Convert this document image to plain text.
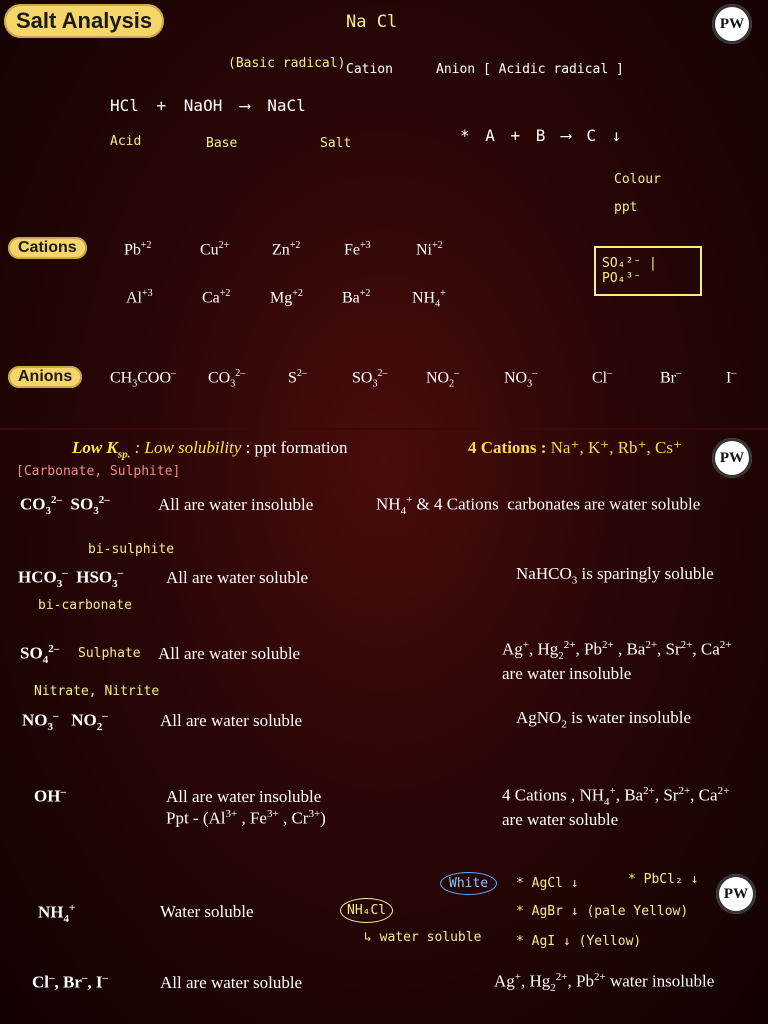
Salt Analysis	PW
Na Cl
(Basic radical) Cation	Anion [ Acidic radical ]
HCl + NaOH ⟶ NaCl
Acid	Base	Salt	* A + B ⟶ C ↓
Colour
ppt
SO₄²⁻ | PO₄³⁻
Cations	$Pb^{+2}$	$Cu^{2+}$	$Zn^{+2}$	$Fe^{+3}$	$Ni^{+2}$
$Al^{+3}$	$Ca^{+2}$ $Mg^{+2}$ $Ba^{+2}$	$NH_4^+$
Anions	$CH_3COO^-$ $CO_3^{2-}$	$S^{2-}$	$SO_3^{2-}$ $NO_2^-$	$NO_3^-$	Cl–	Br–	I–
Low $K_{sp.}$ : Low solubility : ppt formation	4 Cations : Na⁺, K⁺, Rb⁺, Cs⁺
PW
[Carbonate, Sulphite]
$CO_3^{2-}$  $SO_3^{2-}$	All are water insoluble	$NH_4^+$ & 4 Cations  carbonates are water soluble
bi-sulphite
$HCO_3^-$  $HSO_3^-$	All are water soluble	NaHCO$_3$ is sparingly soluble
bi-carbonate
$SO_4^{2-}$ Sulphate All are water soluble	Ag+, $Hg_2^{2+}$, $Pb^{2+}$ , $Ba^{2+}$, $Sr^{2+}$, $Ca^{2+}$
are water insoluble
Nitrate, Nitrite
$NO_3^-$   $NO_2^-$	All are water soluble	AgNO$_2$ is water insoluble
OH–	All are water insoluble
Ppt - ($Al^{3+}$ , $Fe^{3+}$ , $Cr^{3+}$)
4 Cations , $NH_4^+$, $Ba^{2+}$, $Sr^{2+}$, $Ca^{2+}$
are water soluble
$NH_4^+$	Water soluble	NH₄Cl
↳ water soluble
White	* AgCl ↓	* PbCl₂ ↓
* AgBr ↓ (pale Yellow)
* AgI ↓ (Yellow)
PW
Cl–, Br–, I–	All are water soluble	Ag+, $Hg_2^{2+}$, $Pb^{2+}$ water insoluble
